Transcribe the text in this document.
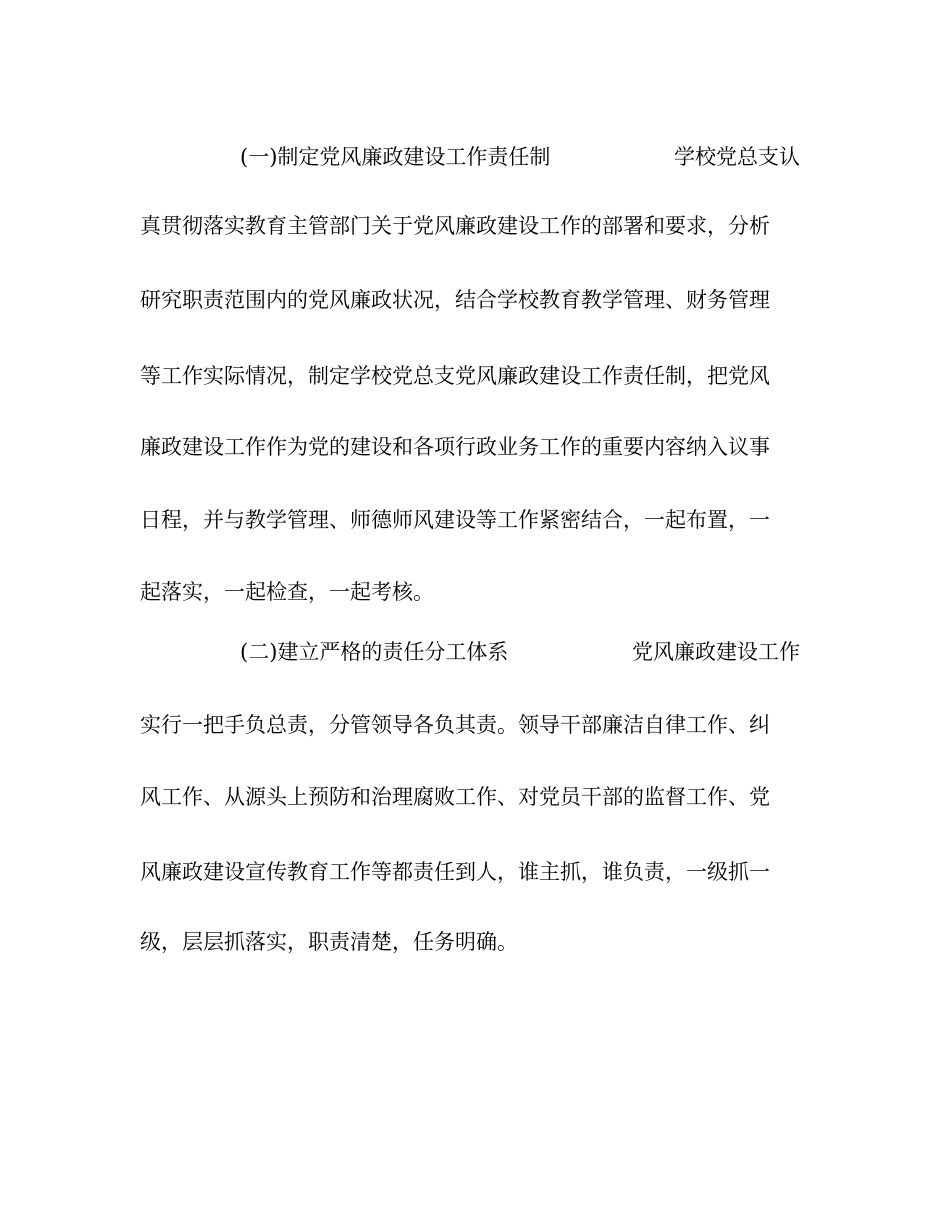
(一)制定党风廉政建设工作责任制	学校党总支认
真贯彻落实教育主管部门关于党风廉政建设工作的部署和要求，分析
研究职责范围内的党风廉政状况，结合学校教育教学管理、财务管理
等工作实际情况，制定学校党总支党风廉政建设工作责任制，把党风
廉政建设工作作为党的建设和各项行政业务工作的重要内容纳入议事
日程，并与教学管理、师德师风建设等工作紧密结合，一起布置，一
起落实，一起检查，一起考核。
(二)建立严格的责任分工体系	党风廉政建设工作
实行一把手负总责，分管领导各负其责。领导干部廉洁自律工作、纠
风工作、从源头上预防和治理腐败工作、对党员干部的监督工作、党
风廉政建设宣传教育工作等都责任到人，谁主抓，谁负责，一级抓一
级，层层抓落实，职责清楚，任务明确。
